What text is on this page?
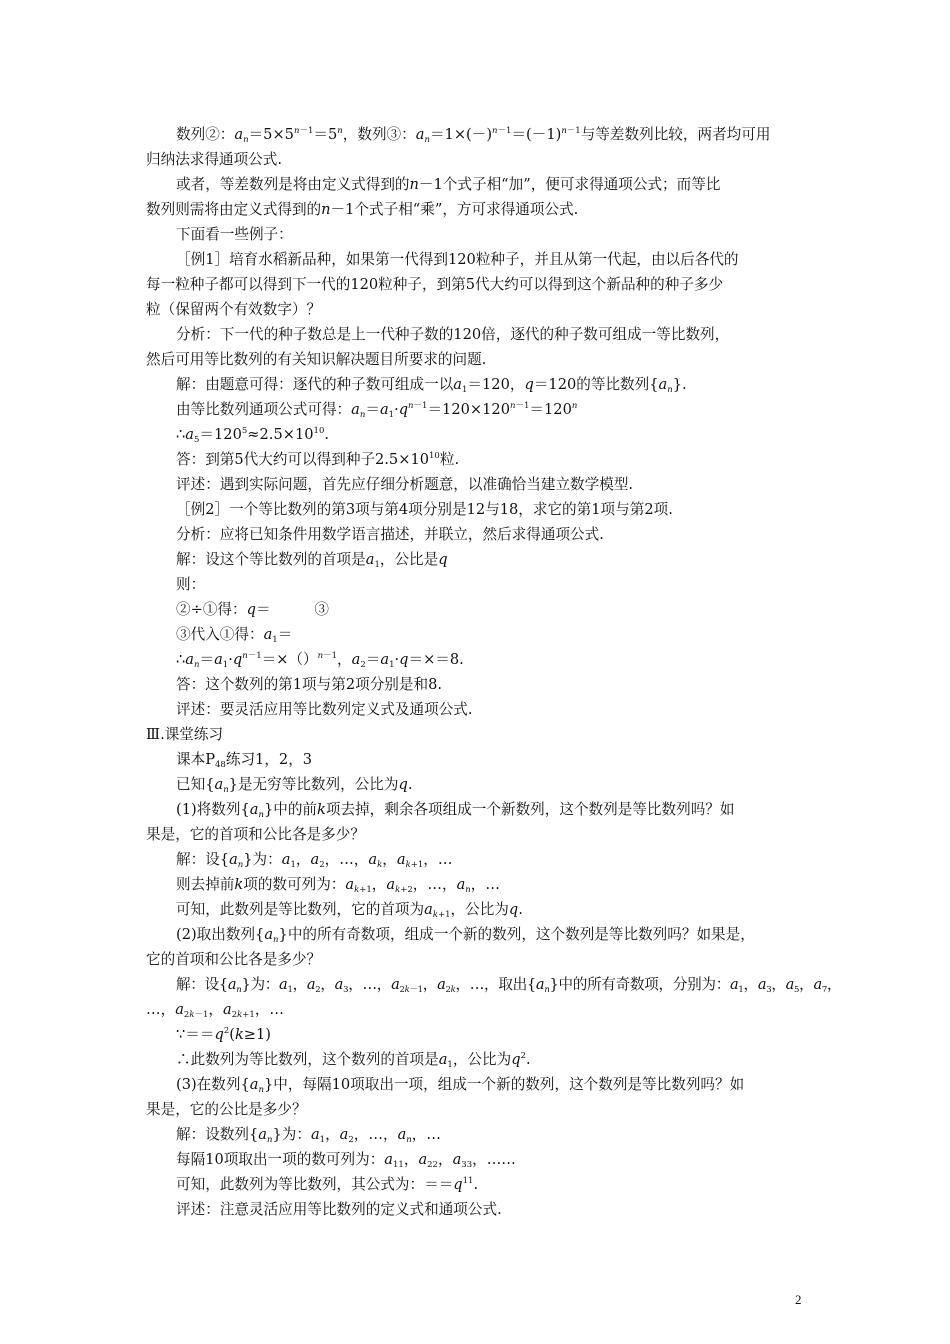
数列②：$a_n=5\times 5^{n-1}=5^n$，数列③：$a_n=1\times(-)^{n-1}=(-1)^{n-1}$与等差数列比较，两者均可用
归纳法求得通项公式.
或者，等差数列是将由定义式得到的n－1个式子相“加”，便可求得通项公式；而等比
数列则需将由定义式得到的n－1个式子相“乘”，方可求得通项公式.
下面看一些例子：
［例1］培育水稻新品种，如果第一代得到120粒种子，并且从第一代起，由以后各代的
每一粒种子都可以得到下一代的120粒种子，到第5代大约可以得到这个新品种的种子多少
粒（保留两个有效数字）？
分析：下一代的种子数总是上一代种子数的120倍，逐代的种子数可组成一等比数列，
然后可用等比数列的有关知识解决题目所要求的问题.
解：由题意可得：逐代的种子数可组成一以$a_1=120$，q＝120的等比数列$\{a_n\}$.
由等比数列通项公式可得：$a_n=a_1\cdot q^{n-1}=120\times 120^{n-1}=120^n$
$\therefore a_5=120^5\approx 2.5\times 10^{10}$.
答：到第5代大约可以得到种子$2.5\times 10^{10}$粒.
评述：遇到实际问题，首先应仔细分析题意，以准确恰当建立数学模型.
［例2］一个等比数列的第3项与第4项分别是12与18，求它的第1项与第2项.
分析：应将已知条件用数学语言描述，并联立，然后求得通项公式.
解：设这个等比数列的首项是$a_1$，公比是q
则：
②÷①得：q＝　　　③
③代入①得：$a_1=$
$\therefore a_n=a_1\cdot q^{n-1}=\times()^{n-1}$，$a_2=a_1\cdot q=\times=8$.
答：这个数列的第1项与第2项分别是和8.
评述：要灵活应用等比数列定义式及通项公式.
Ⅲ.课堂练习
课本$P_{48}$练习1，2，3
已知$\{a_n\}$是无穷等比数列，公比为q.
(1)将数列$\{a_n\}$中的前k项去掉，剩余各项组成一个新数列，这个数列是等比数列吗？如
果是，它的首项和公比各是多少？
解：设$\{a_n\}$为：$a_1$，$a_2$，…，$a_k$，$a_{k+1}$，…
则去掉前k项的数可列为：$a_{k+1}$，$a_{k+2}$，…，$a_n$，…
可知，此数列是等比数列，它的首项为$a_{k+1}$，公比为q.
(2)取出数列$\{a_n\}$中的所有奇数项，组成一个新的数列，这个数列是等比数列吗？如果是，
它的首项和公比各是多少？
解：设$\{a_n\}$为：$a_1$，$a_2$，$a_3$，…，$a_{2k-1}$，$a_{2k}$，…，取出$\{a_n\}$中的所有奇数项，分别为：$a_1$，$a_3$，$a_5$，$a_7$，
…，$a_{2k-1}$，$a_{2k+1}$，…
$\because==q^2(k\ge 1)$
∴此数列为等比数列，这个数列的首项是$a_1$，公比为$q^2$.
(3)在数列$\{a_n\}$中，每隔10项取出一项，组成一个新的数列，这个数列是等比数列吗？如
果是，它的公比是多少？
解：设数列$\{a_n\}$为：$a_1$，$a_2$，…，$a_n$，…
每隔10项取出一项的数可列为：$a_{11}$，$a_{22}$，$a_{33}$，……
可知，此数列为等比数列，其公式为：$==q^{11}$.
评述：注意灵活应用等比数列的定义式和通项公式.
2
